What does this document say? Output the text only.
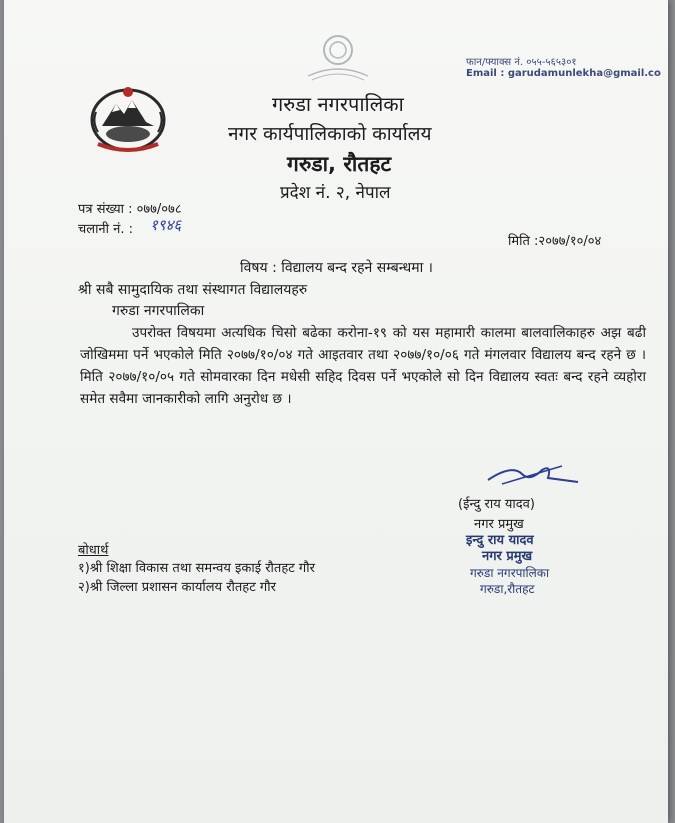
फान/फ्याक्स नं. ०५५-५६५३०१
Email : garudamunlekha@gmail.co
गरुडा नगरपालिका
नगर कार्यपालिकाको कार्यालय
गरुडा, रौतहट
प्रदेश नं. २, नेपाल
पत्र संख्या : ०७७/०७८
चलानी नं. : १९४६
मिति :२०७७/१०/०४
विषय : विद्यालय बन्द रहने सम्बन्धमा ।
श्री सबै सामुदायिक तथा संस्थागत विद्यालयहरु
गरुडा नगरपालिका
उपरोक्त विषयमा अत्यधिक चिसो बढेका करोना-१९ को यस महामारी कालमा बालवालिकाहरु अझ बढी जोखिममा पर्ने भएकोले मिति २०७७/१०/०४ गते आइतवार तथा २०७७/१०/०६ गते मंगलवार विद्यालय बन्द रहने छ । मिति २०७७/१०/०५ गते सोमवारका दिन मधेसी सहिद दिवस पर्ने भएकोले सो दिन विद्यालय स्वतः बन्द रहने व्यहोरा समेत सवैमा जानकारीको लागि अनुरोध छ ।
(ईन्दु राय यादव)
नगर प्रमुख
इन्दु राय यादव
नगर प्रमुख
गरुडा नगरपालिका
गरुडा,रौतहट
बोधार्थ
१)श्री शिक्षा विकास तथा समन्वय इकाई रौतहट गौर
२)श्री जिल्ला प्रशासन कार्यालय रौतहट गौर
